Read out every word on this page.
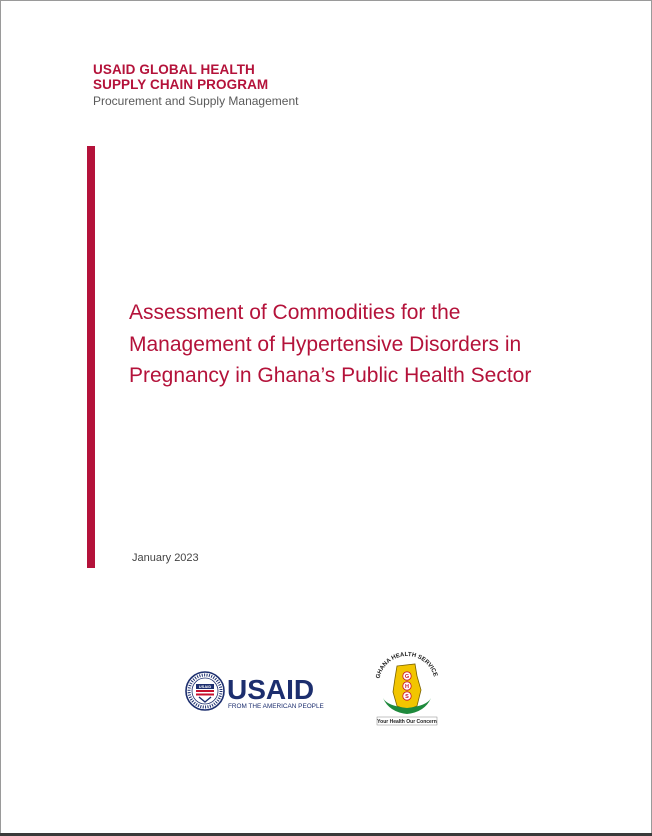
USAID GLOBAL HEALTH
SUPPLY CHAIN PROGRAM
Procurement and Supply Management
Assessment of Commodities for the
Management of Hypertensive Disorders in
Pregnancy in Ghana’s Public Health Sector
January 2023
USAID USAID
FROM THE AMERICAN PEOPLE
GHANA HEALTH SERVICE
G
H
S
Your Health Our Concern
